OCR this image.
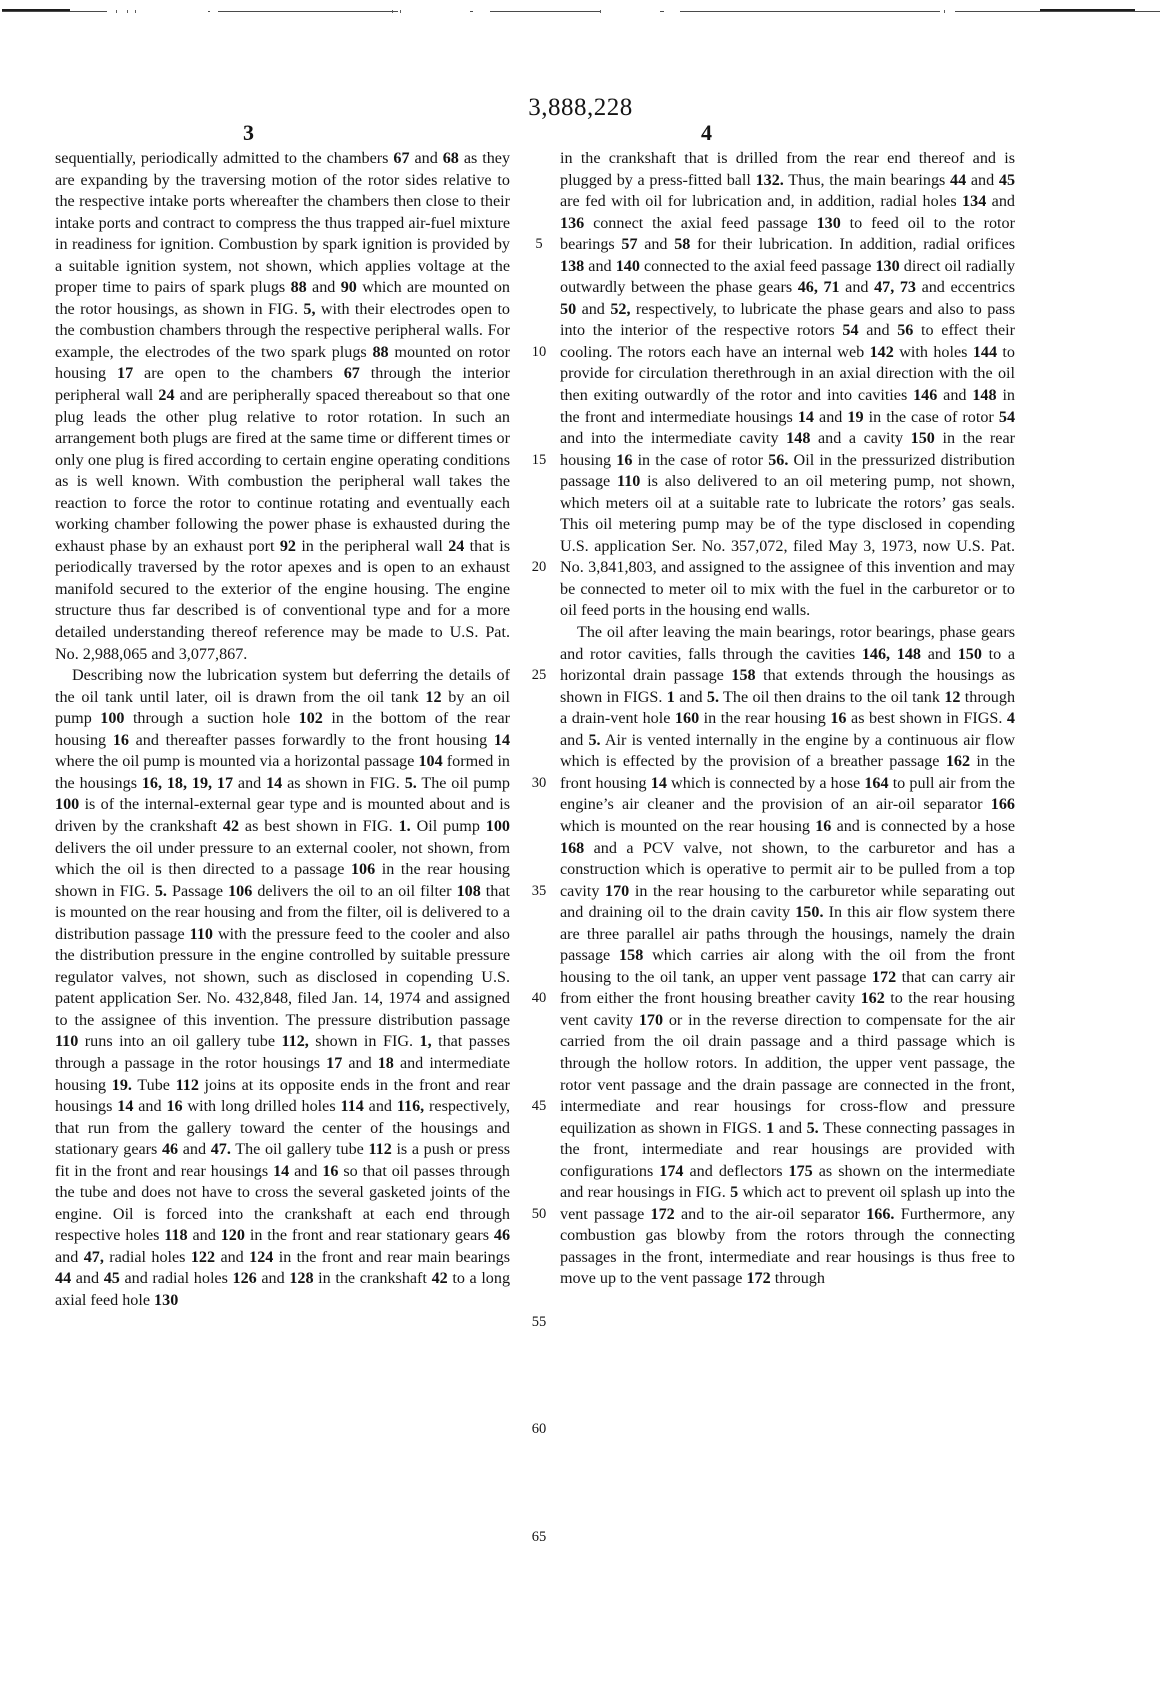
3,888,228
3	4

sequentially, periodically admitted to the chambers 67 and 68 as they are expanding by the traversing motion of the rotor sides relative to the respective intake ports whereafter the chambers then close to their intake ports and contract to compress the thus trapped air-fuel mixture in readiness for ignition. Combustion by spark ignition is provided by a suitable ignition system, not shown, which applies voltage at the proper time to pairs of spark plugs 88 and 90 which are mounted on the rotor housings, as shown in FIG. 5, with their electrodes open to the combustion chambers through the respective peripheral walls. For example, the electrodes of the two spark plugs 88 mounted on rotor housing 17 are open to the chambers 67 through the interior peripheral wall 24 and are peripherally spaced thereabout so that one plug leads the other plug relative to rotor rotation. In such an arrangement both plugs are fired at the same time or different times or only one plug is fired according to certain engine operating conditions as is well known. With combustion the peripheral wall takes the reaction to force the rotor to continue rotating and eventually each working chamber following the power phase is exhausted during the exhaust phase by an exhaust port 92 in the peripheral wall 24 that is periodically traversed by the rotor apexes and is open to an exhaust manifold secured to the exterior of the engine housing. The engine structure thus far described is of conventional type and for a more detailed understanding thereof reference may be made to U.S. Pat. No. 2,988,065 and 3,077,867.

Describing now the lubrication system but deferring the details of the oil tank until later, oil is drawn from the oil tank 12 by an oil pump 100 through a suction hole 102 in the bottom of the rear housing 16 and thereafter passes forwardly to the front housing 14 where the oil pump is mounted via a horizontal passage 104 formed in the housings 16, 18, 19, 17 and 14 as shown in FIG. 5. The oil pump 100 is of the internal-external gear type and is mounted about and is driven by the crankshaft 42 as best shown in FIG. 1. Oil pump 100 delivers the oil under pressure to an external cooler, not shown, from which the oil is then directed to a passage 106 in the rear housing shown in FIG. 5. Passage 106 delivers the oil to an oil filter 108 that is mounted on the rear housing and from the filter, oil is delivered to a distribution passage 110 with the pressure feed to the cooler and also the distribution pressure in the engine controlled by suitable pressure regulator valves, not shown, such as disclosed in copending U.S. patent application Ser. No. 432,848, filed Jan. 14, 1974 and assigned to the assignee of this invention. The pressure distribution passage 110 runs into an oil gallery tube 112, shown in FIG. 1, that passes through a passage in the rotor housings 17 and 18 and intermediate housing 19. Tube 112 joins at its opposite ends in the front and rear housings 14 and 16 with long drilled holes 114 and 116, respectively, that run from the gallery toward the center of the housings and stationary gears 46 and 47. The oil gallery tube 112 is a push or press fit in the front and rear housings 14 and 16 so that oil passes through the tube and does not have to cross the several gasketed joints of the engine. Oil is forced into the crankshaft at each end through respective holes 118 and 120 in the front and rear stationary gears 46 and 47, radial holes 122 and 124 in the front and rear main bearings 44 and 45 and radial holes 126 and 128 in the crankshaft 42 to a long axial feed hole 130

in the crankshaft that is drilled from the rear end thereof and is plugged by a press-fitted ball 132. Thus, the main bearings 44 and 45 are fed with oil for lubrication and, in addition, radial holes 134 and 136 connect the axial feed passage 130 to feed oil to the rotor bearings 57 and 58 for their lubrication. In addition, radial orifices 138 and 140 connected to the axial feed passage 130 direct oil radially outwardly between the phase gears 46, 71 and 47, 73 and eccentrics 50 and 52, respectively, to lubricate the phase gears and also to pass into the interior of the respective rotors 54 and 56 to effect their cooling. The rotors each have an internal web 142 with holes 144 to provide for circulation therethrough in an axial direction with the oil then exiting outwardly of the rotor and into cavities 146 and 148 in the front and intermediate housings 14 and 19 in the case of rotor 54 and into the intermediate cavity 148 and a cavity 150 in the rear housing 16 in the case of rotor 56. Oil in the pressurized distribution passage 110 is also delivered to an oil metering pump, not shown, which meters oil at a suitable rate to lubricate the rotors’ gas seals. This oil metering pump may be of the type disclosed in copending U.S. application Ser. No. 357,072, filed May 3, 1973, now U.S. Pat. No. 3,841,803, and assigned to the assignee of this invention and may be connected to meter oil to mix with the fuel in the carburetor or to oil feed ports in the housing end walls.

The oil after leaving the main bearings, rotor bearings, phase gears and rotor cavities, falls through the cavities 146, 148 and 150 to a horizontal drain passage 158 that extends through the housings as shown in FIGS. 1 and 5. The oil then drains to the oil tank 12 through a drain-vent hole 160 in the rear housing 16 as best shown in FIGS. 4 and 5. Air is vented internally in the engine by a continuous air flow which is effected by the provision of a breather passage 162 in the front housing 14 which is connected by a hose 164 to pull air from the engine’s air cleaner and the provision of an air-oil separator 166 which is mounted on the rear housing 16 and is connected by a hose 168 and a PCV valve, not shown, to the carburetor and has a construction which is operative to permit air to be pulled from a top cavity 170 in the rear housing to the carburetor while separating out and draining oil to the drain cavity 150. In this air flow system there are three parallel air paths through the housings, namely the drain passage 158 which carries air along with the oil from the front housing to the oil tank, an upper vent passage 172 that can carry air from either the front housing breather cavity 162 to the rear housing vent cavity 170 or in the reverse direction to compensate for the air carried from the oil drain passage and a third passage which is through the hollow rotors. In addition, the upper vent passage, the rotor vent passage and the drain passage are connected in the front, intermediate and rear housings for cross-flow and pressure equilization as shown in FIGS. 1 and 5. These connecting passages in the front, intermediate and rear housings are provided with configurations 174 and deflectors 175 as shown on the intermediate and rear housings in FIG. 5 which act to prevent oil splash up into the vent passage 172 and to the air-oil separator 166. Furthermore, any combustion gas blowby from the rotors through the connecting passages in the front, intermediate and rear housings is thus free to move up to the vent passage 172 through

5
10
15
20
25
30
35
40
45
50
55
60
65
